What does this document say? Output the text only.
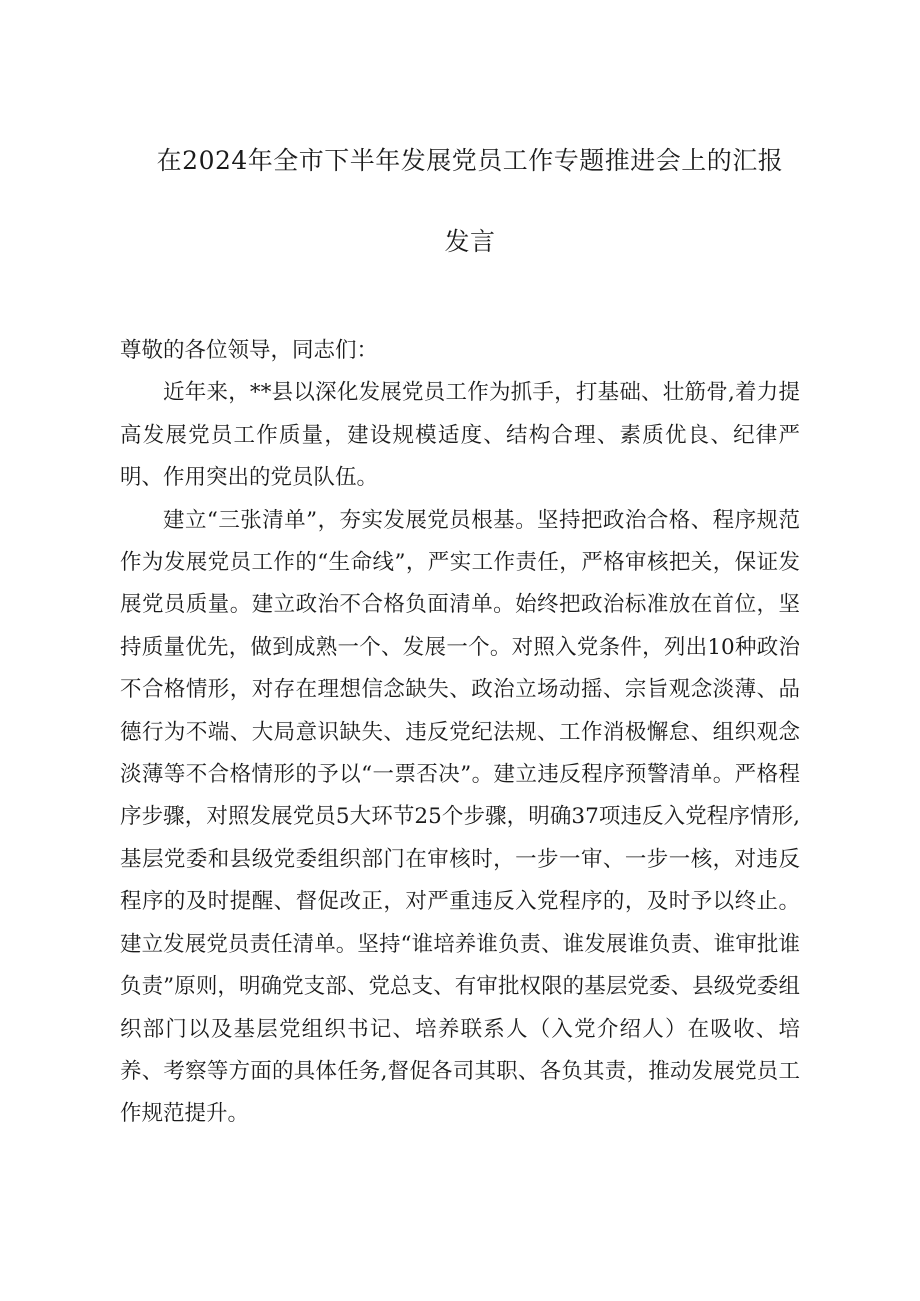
在2024年全市下半年发展党员工作专题推进会上的汇报
发言

尊敬的各位领导，同志们：

近年来，**县以深化发展党员工作为抓手，打基础、壮筋骨,着力提高发展党员工作质量，建设规模适度、结构合理、素质优良、纪律严明、作用突出的党员队伍。

建立“三张清单”，夯实发展党员根基。坚持把政治合格、程序规范作为发展党员工作的“生命线”，严实工作责任，严格审核把关，保证发展党员质量。建立政治不合格负面清单。始终把政治标准放在首位，坚持质量优先，做到成熟一个、发展一个。对照入党条件，列出10种政治不合格情形，对存在理想信念缺失、政治立场动摇、宗旨观念淡薄、品德行为不端、大局意识缺失、违反党纪法规、工作消极懈怠、组织观念淡薄等不合格情形的予以“一票否决”。建立违反程序预警清单。严格程序步骤，对照发展党员5大环节25个步骤，明确37项违反入党程序情形,基层党委和县级党委组织部门在审核时，一步一审、一步一核，对违反程序的及时提醒、督促改正，对严重违反入党程序的，及时予以终止。建立发展党员责任清单。坚持“谁培养谁负责、谁发展谁负责、谁审批谁负责”原则，明确党支部、党总支、有审批权限的基层党委、县级党委组织部门以及基层党组织书记、培养联系人（入党介绍人）在吸收、培养、考察等方面的具体任务,督促各司其职、各负其责，推动发展党员工作规范提升。
